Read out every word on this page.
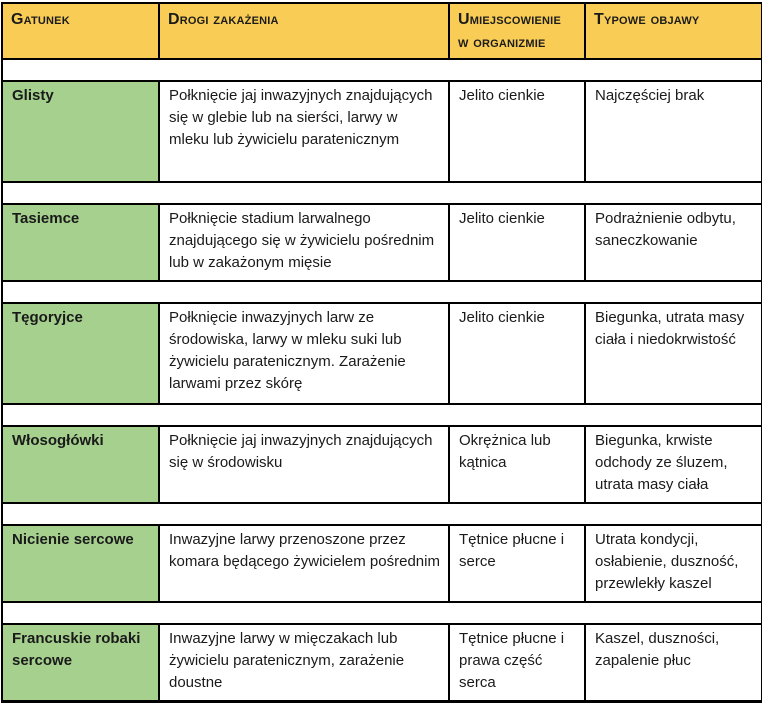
Gatunek	Drogi zakażenia	Umiejscowienie w organizmie	Typowe objawy

Glisty	Połknięcie jaj inwazyjnych znajdujących się w glebie lub na sierści, larwy w mleku lub żywicielu paratenicznym	Jelito cienkie	Najczęściej brak

Tasiemce	Połknięcie stadium larwalnego znajdującego się w żywicielu pośrednim lub w zakażonym mięsie	Jelito cienkie	Podrażnienie odbytu, saneczkowanie

Tęgoryjce	Połknięcie inwazyjnych larw ze środowiska, larwy w mleku suki lub żywicielu paratenicznym. Zarażenie larwami przez skórę	Jelito cienkie	Biegunka, utrata masy ciała i niedokrwistość

Włosogłówki	Połknięcie jaj inwazyjnych znajdujących się w środowisku	Okrężnica lub kątnica	Biegunka, krwiste odchody ze śluzem, utrata masy ciała

Nicienie sercowe	Inwazyjne larwy przenoszone przez komara będącego żywicielem pośrednim	Tętnice płucne i serce	Utrata kondycji, osłabienie, duszność, przewlekły kaszel

Francuskie robaki sercowe	Inwazyjne larwy w mięczakach lub żywicielu paratenicznym, zarażenie doustne	Tętnice płucne i prawa część serca	Kaszel, duszności, zapalenie płuc
